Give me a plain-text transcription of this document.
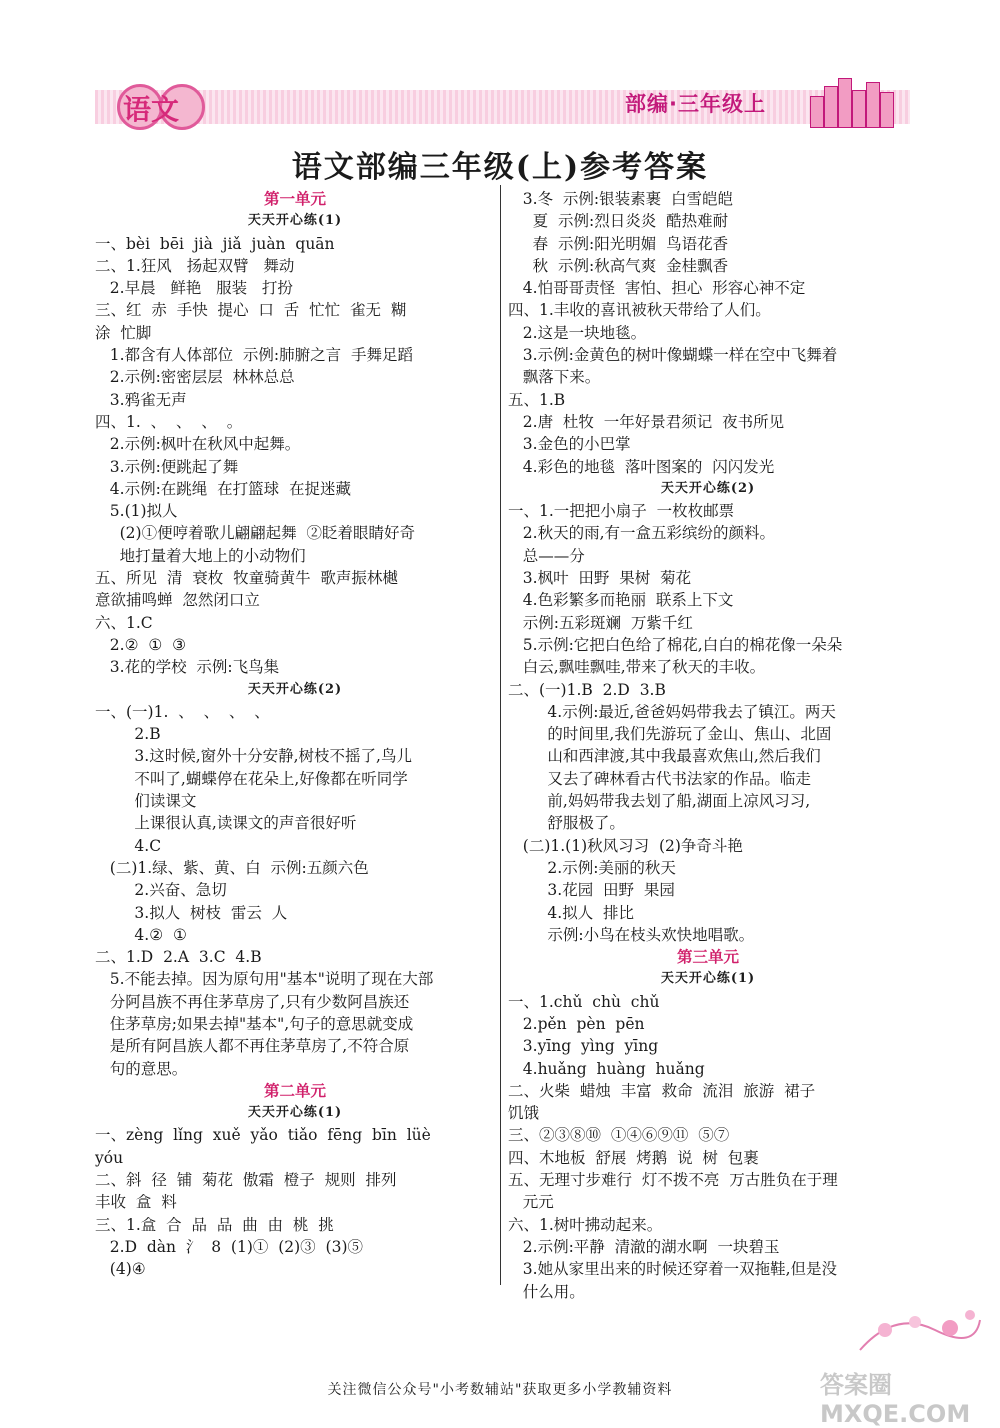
语文	部编·三年级上
语文部编三年级(上)参考答案
第一单元
天天开心练(1)
一、bèi  bēi  jià  jiǎ  juàn  quān
二、1.狂风   扬起双臂   舞动
2.早晨   鲜艳   服装   打扮
三、红  赤  手快  提心  口  舌  忙忙  雀无  糊
涂  忙脚
1.都含有人体部位  示例:肺腑之言  手舞足蹈
2.示例:密密层层  林林总总
3.鸦雀无声
四、1.  、  、  、  。
2.示例:枫叶在秋风中起舞。
3.示例:便跳起了舞
4.示例:在跳绳  在打篮球  在捉迷藏
5.(1)拟人
(2)①便哼着歌儿翩翩起舞  ②眨着眼睛好奇
地打量着大地上的小动物们
五、所见  清  衰枚  牧童骑黄牛  歌声振林樾
意欲捕鸣蝉  忽然闭口立
六、1.C
2.②  ①  ③
3.花的学校  示例:飞鸟集
天天开心练(2)
一、(一)1.  、  、  、  、
2.B
3.这时候,窗外十分安静,树枝不摇了,鸟儿
不叫了,蝴蝶停在花朵上,好像都在听同学
们读课文
上课很认真,读课文的声音很好听
4.C
(二)1.绿、紫、黄、白  示例:五颜六色
2.兴奋、急切
3.拟人  树枝  雷云  人
4.②  ①
二、1.D  2.A  3.C  4.B
5.不能去掉。因为原句用"基本"说明了现在大部
分阿昌族不再住茅草房了,只有少数阿昌族还
住茅草房;如果去掉"基本",句子的意思就变成
是所有阿昌族人都不再住茅草房了,不符合原
句的意思。
第二单元
天天开心练(1)
一、zèng  lǐng  xuě  yǎo  tiǎo  fēng  bīn  lüè
yóu
二、斜  径  铺  菊花  傲霜  橙子  规则  排列
丰收  盒  料
三、1.盒  合  品  品  曲  由  桃  挑
2.D  dàn  氵  8  (1)①  (2)③  (3)⑤
(4)④
3.冬  示例:银装素裹  白雪皑皑
夏  示例:烈日炎炎  酷热难耐
春  示例:阳光明媚  鸟语花香
秋  示例:秋高气爽  金桂飘香
4.怕哥哥责怪  害怕、担心  形容心神不定
四、1.丰收的喜讯被秋天带给了人们。
2.这是一块地毯。
3.示例:金黄色的树叶像蝴蝶一样在空中飞舞着
飘落下来。
五、1.B
2.唐  杜牧  一年好景君须记  夜书所见
3.金色的小巴掌
4.彩色的地毯  落叶图案的  闪闪发光
天天开心练(2)
一、1.一把把小扇子  一枚枚邮票
2.秋天的雨,有一盒五彩缤纷的颜料。
总——分
3.枫叶  田野  果树  菊花
4.色彩繁多而艳丽  联系上下文
示例:五彩斑斓  万紫千红
5.示例:它把白色给了棉花,白白的棉花像一朵朵
白云,飘哇飘哇,带来了秋天的丰收。
二、(一)1.B  2.D  3.B
4.示例:最近,爸爸妈妈带我去了镇江。两天
的时间里,我们先游玩了金山、焦山、北固
山和西津渡,其中我最喜欢焦山,然后我们
又去了碑林看古代书法家的作品。临走
前,妈妈带我去划了船,湖面上凉风习习,
舒服极了。
(二)1.(1)秋风习习  (2)争奇斗艳
2.示例:美丽的秋天
3.花园  田野  果园
4.拟人  排比
示例:小鸟在枝头欢快地唱歌。
第三单元
天天开心练(1)
一、1.chǔ  chù  chǔ
2.pěn  pèn  pēn
3.yīng  yìng  yīng
4.huǎng  huàng  huǎng
二、火柴  蜡烛  丰富  救命  流泪  旅游  裙子
饥饿
三、②③⑧⑩  ①④⑥⑨⑪  ⑤⑦
四、木地板  舒展  烤鹅  说  树  包裹
五、无理寸步难行  灯不拨不亮  万古胜负在于理
元元
六、1.树叶拂动起来。
2.示例:平静  清澈的湖水啊  一块碧玉
3.她从家里出来的时候还穿着一双拖鞋,但是没
什么用。
答案圈 MXQE.COM
关注微信公众号"小考数辅站"获取更多小学教辅资料
